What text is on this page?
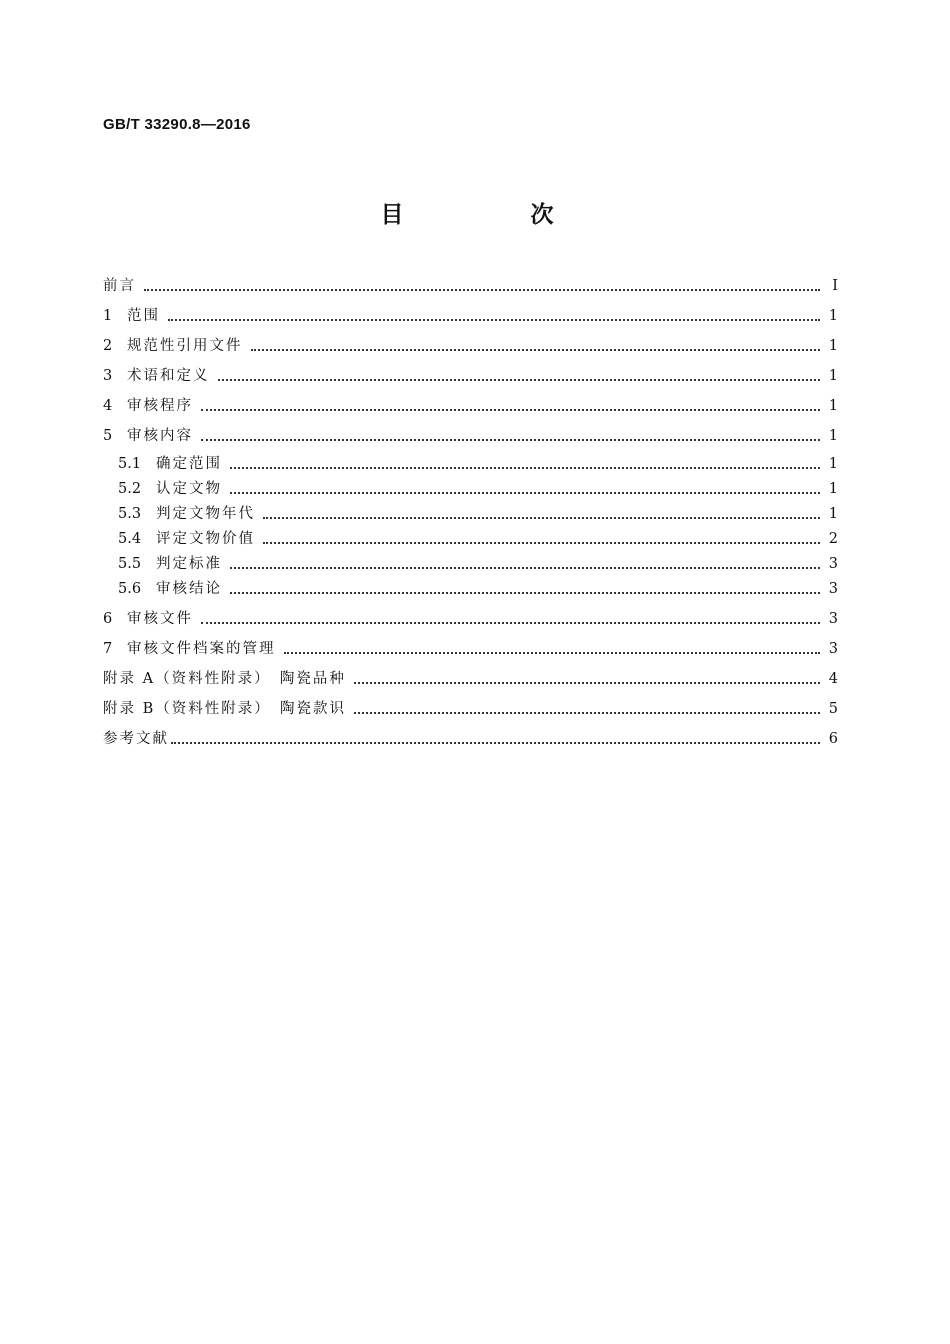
GB/T 33290.8—2016
目　次
前言	Ⅰ
1	范围	1
2	规范性引用文件	1
3	术语和定义	1
4	审核程序	1
5	审核内容	1
5.1	确定范围	1
5.2	认定文物	1
5.3	判定文物年代	1
5.4	评定文物价值	2
5.5	判定标准	3
5.6	审核结论	3
6	审核文件	3
7	审核文件档案的管理	3
附录 A（资料性附录）　陶瓷品种	4
附录 B（资料性附录）　陶瓷款识	5
参考文献	6
